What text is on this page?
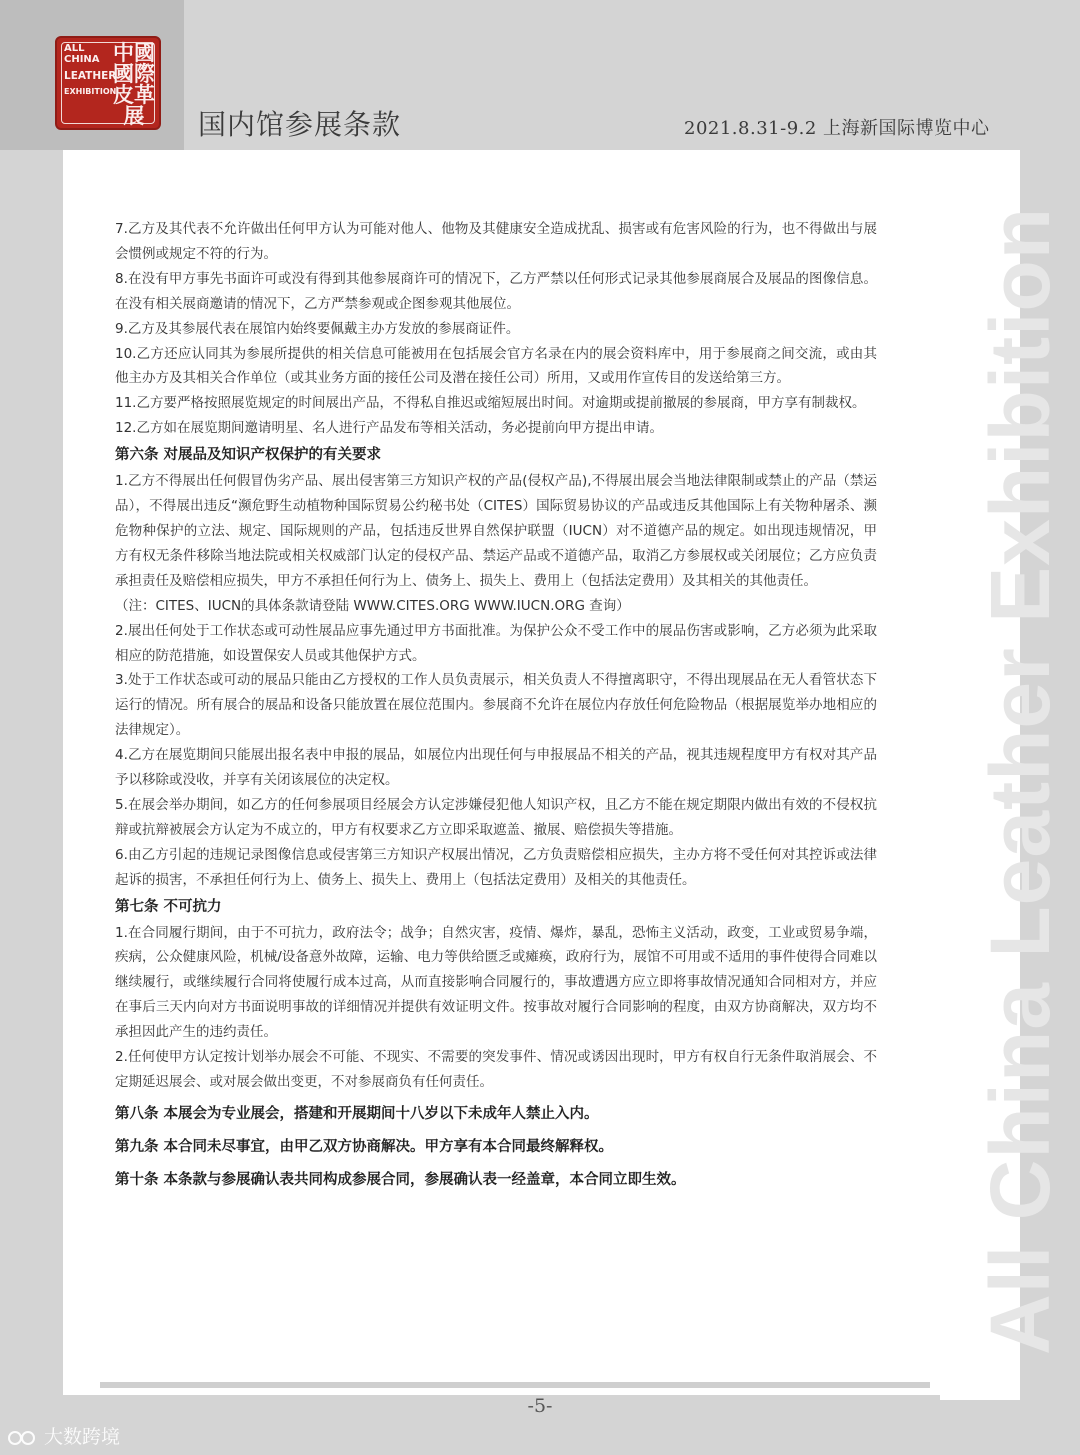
ALL CHINA
LEATHER
EXHIBITION
中國
國際
皮革
展	国内馆参展条款	2021.8.31-9.2 上海新国际博览中心
All China Leather Exhibition

7.乙方及其代表不允许做出任何甲方认为可能对他人、他物及其健康安全造成扰乱、损害或有危害风险的行为，也不得做出与展会惯例或规定不符的行为。

8.在没有甲方事先书面许可或没有得到其他参展商许可的情况下，乙方严禁以任何形式记录其他参展商展合及展品的图像信息。在没有相关展商邀请的情况下，乙方严禁参观或企图参观其他展位。

9.乙方及其参展代表在展馆内始终要佩戴主办方发放的参展商证件。

10.乙方还应认同其为参展所提供的相关信息可能被用在包括展会官方名录在内的展会资料库中，用于参展商之间交流，或由其他主办方及其相关合作单位（或其业务方面的接任公司及潜在接任公司）所用，又或用作宣传目的发送给第三方。

11.乙方要严格按照展览规定的时间展出产品，不得私自推迟或缩短展出时间。对逾期或提前撤展的参展商，甲方享有制裁权。

12.乙方如在展览期间邀请明星、名人进行产品发布等相关活动，务必提前向甲方提出申请。

第六条 对展品及知识产权保护的有关要求

1.乙方不得展出任何假冒伪劣产品、展出侵害第三方知识产权的产品(侵权产品),不得展出展会当地法律限制或禁止的产品（禁运品），不得展出违反“濒危野生动植物种国际贸易公约秘书处（CITES）国际贸易协议的产品或违反其他国际上有关物种屠杀、濒危物种保护的立法、规定、国际规则的产品，包括违反世界自然保护联盟（IUCN）对不道德产品的规定。如出现违规情况，甲方有权无条件移除当地法院或相关权威部门认定的侵权产品、禁运产品或不道德产品，取消乙方参展权或关闭展位；乙方应负责承担责任及赔偿相应损失，甲方不承担任何行为上、债务上、损失上、费用上（包括法定费用）及其相关的其他责任。

（注：CITES、IUCN的具体条款请登陆 WWW.CITES.ORG WWW.IUCN.ORG 查询）

2.展出任何处于工作状态或可动性展品应事先通过甲方书面批准。为保护公众不受工作中的展品伤害或影响，乙方必须为此采取相应的防范措施，如设置保安人员或其他保护方式。

3.处于工作状态或可动的展品只能由乙方授权的工作人员负责展示，相关负责人不得擅离职守，不得出现展品在无人看管状态下运行的情况。所有展合的展品和设备只能放置在展位范围内。参展商不允许在展位内存放任何危险物品（根据展览举办地相应的法律规定）。

4.乙方在展览期间只能展出报名表中申报的展品，如展位内出现任何与申报展品不相关的产品，视其违规程度甲方有权对其产品予以移除或没收，并享有关闭该展位的决定权。

5.在展会举办期间，如乙方的任何参展项目经展会方认定涉嫌侵犯他人知识产权，且乙方不能在规定期限内做出有效的不侵权抗辩或抗辩被展会方认定为不成立的，甲方有权要求乙方立即采取遮盖、撤展、赔偿损失等措施。

6.由乙方引起的违规记录图像信息或侵害第三方知识产权展出情况，乙方负责赔偿相应损失，主办方将不受任何对其控诉或法律起诉的损害，不承担任何行为上、债务上、损失上、费用上（包括法定费用）及相关的其他责任。

第七条 不可抗力

1.在合同履行期间，由于不可抗力，政府法令；战争；自然灾害，疫情、爆炸，暴乱，恐怖主义活动，政变，工业或贸易争端，疾病，公众健康风险，机械/设备意外故障，运输、电力等供给匮乏或瘫痪，政府行为，展馆不可用或不适用的事件使得合同难以继续履行，或继续履行合同将使履行成本过高，从而直接影响合同履行的，事故遭遇方应立即将事故情况通知合同相对方，并应在事后三天内向对方书面说明事故的详细情况并提供有效证明文件。按事故对履行合同影响的程度，由双方协商解决，双方均不承担因此产生的违约责任。

2.任何使甲方认定按计划举办展会不可能、不现实、不需要的突发事件、情况或诱因出现时，甲方有权自行无条件取消展会、不定期延迟展会、或对展会做出变更，不对参展商负有任何责任。

第八条 本展会为专业展会，搭建和开展期间十八岁以下未成年人禁止入内。

第九条 本合同未尽事宜，由甲乙双方协商解决。甲方享有本合同最终解释权。

第十条 本条款与参展确认表共同构成参展合同，参展确认表一经盖章，本合同立即生效。

-5-
大数跨境
